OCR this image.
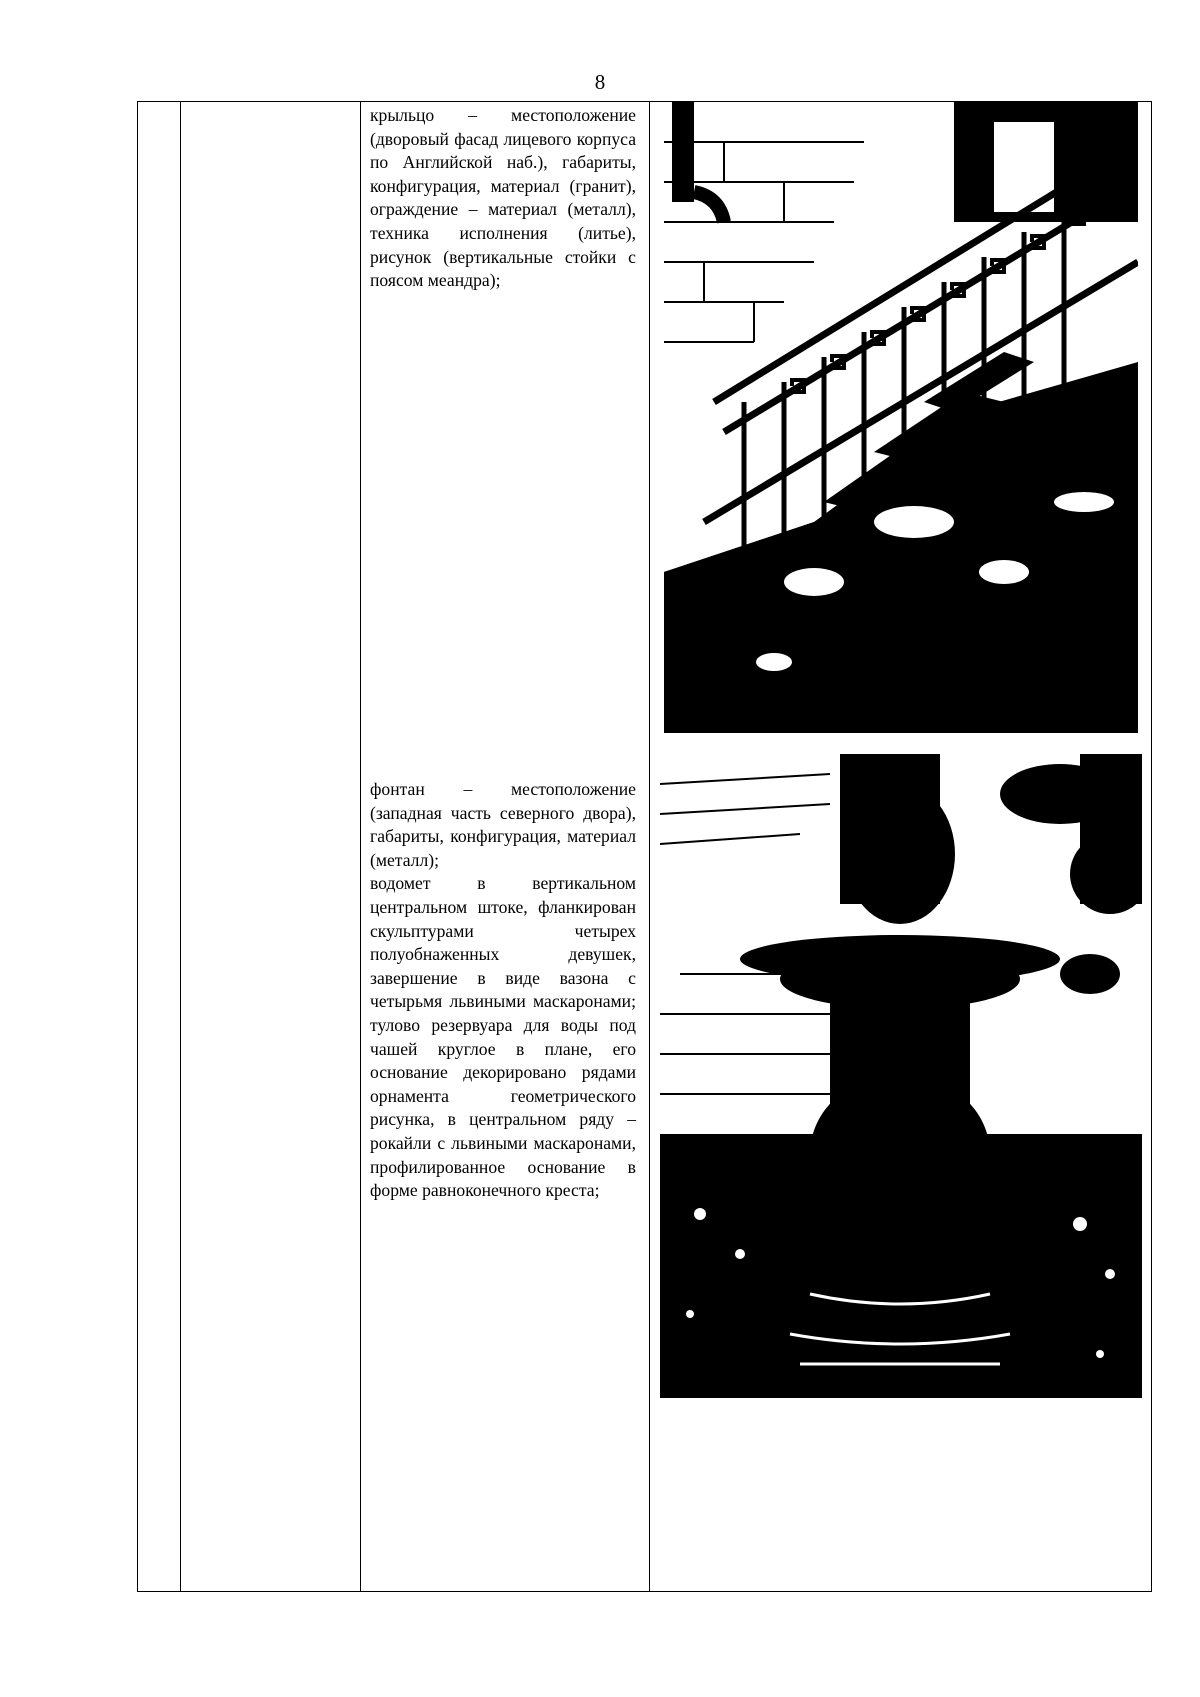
8

крыльцо – местоположение (дворовый фасад лицевого корпуса по Английской наб.), габариты, конфигурация, материал (гранит), ограждение – материал (металл), техника исполнения (литье), рисунок (вертикальные стойки с поясом меандра);

фонтан – местоположение (западная часть северного двора), габариты, конфигурация, материал (металл);

водомет в вертикальном центральном штоке, фланкирован скульптурами четырех полуобнаженных девушек, завершение в виде вазона с четырьмя львиными маскаронами; тулово резервуара для воды под чашей круглое в плане, его основание декорировано рядами орнамента геометрического рисунка, в центральном ряду – рокайли с львиными маскаронами, профилированное основание в форме равноконечного креста;
